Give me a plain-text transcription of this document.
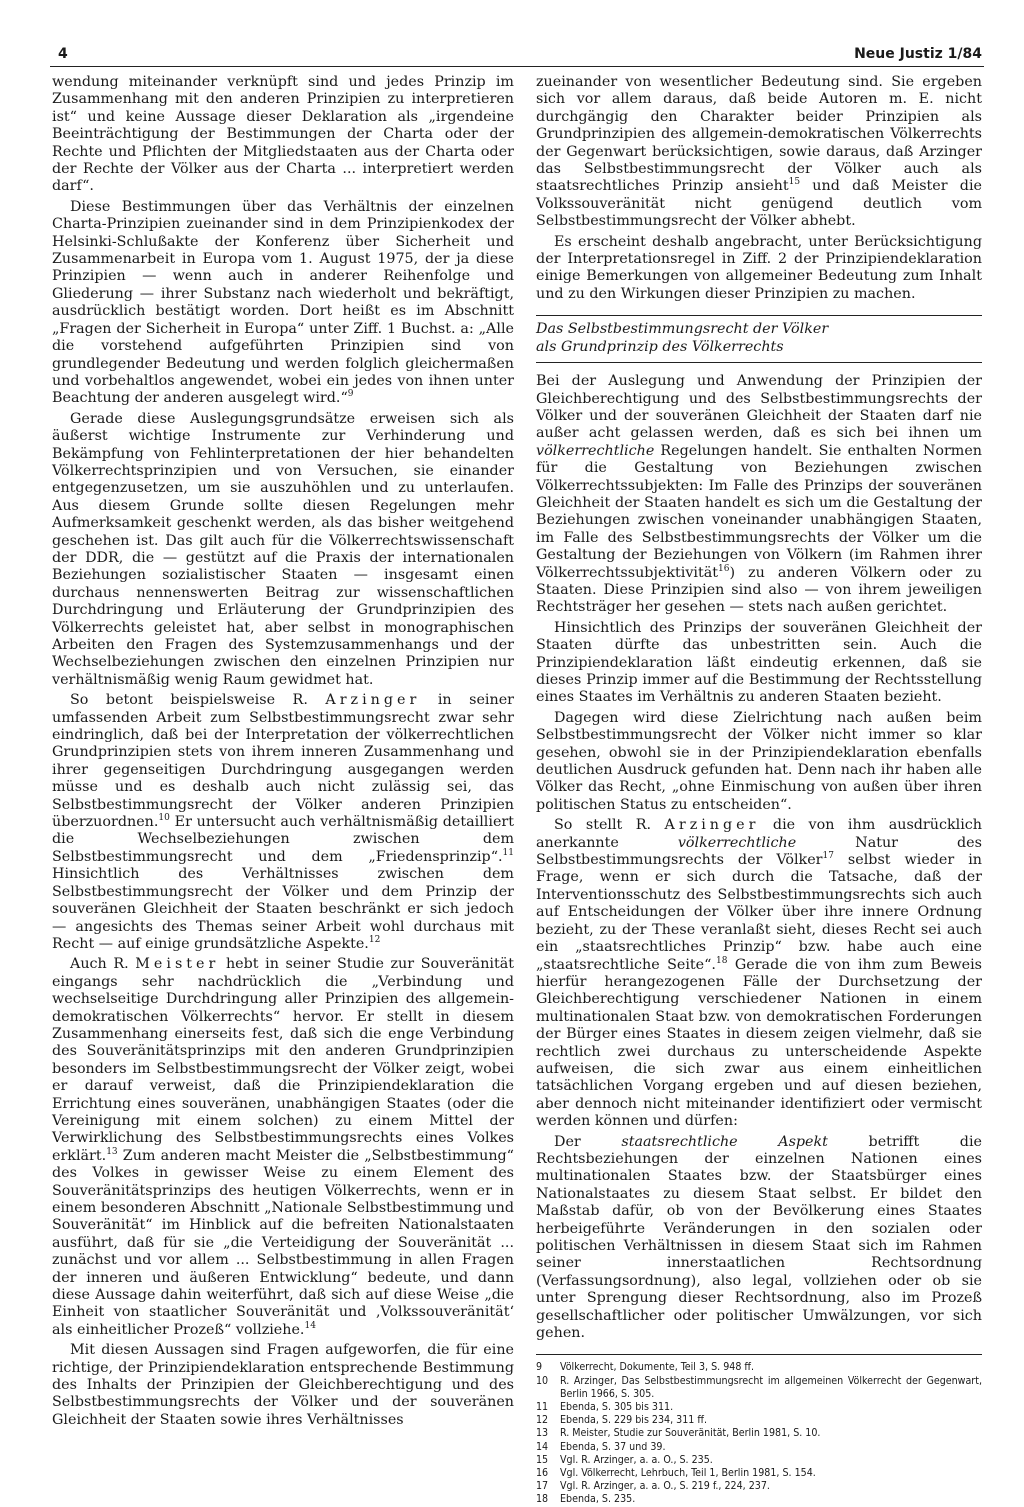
4	Neue Justiz 1/84

wendung miteinander verknüpft sind und jedes Prinzip im Zusammenhang mit den anderen Prinzipien zu interpretieren ist“ und keine Aussage dieser Deklaration als „irgendeine Beeinträchtigung der Bestimmungen der Charta oder der Rechte und Pflichten der Mitgliedstaaten aus der Charta oder der Rechte der Völker aus der Charta ... interpretiert werden darf“.

Diese Bestimmungen über das Verhältnis der einzelnen Charta-Prinzipien zueinander sind in dem Prinzipienkodex der Helsinki-Schlußakte der Konferenz über Sicherheit und Zusammenarbeit in Europa vom 1. August 1975, der ja diese Prinzipien — wenn auch in anderer Reihenfolge und Gliederung — ihrer Substanz nach wiederholt und bekräftigt, ausdrücklich bestätigt worden. Dort heißt es im Abschnitt „Fragen der Sicherheit in Europa“ unter Ziff. 1 Buchst. a: „Alle die vorstehend aufgeführten Prinzipien sind von grundlegender Bedeutung und werden folglich gleichermaßen und vorbehaltlos angewendet, wobei ein jedes von ihnen unter Beachtung der anderen ausgelegt wird.“$^9$

Gerade diese Auslegungsgrundsätze erweisen sich als äußerst wichtige Instrumente zur Verhinderung und Bekämpfung von Fehlinterpretationen der hier behandelten Völkerrechtsprinzipien und von Versuchen, sie einander entgegenzusetzen, um sie auszuhöhlen und zu unterlaufen. Aus diesem Grunde sollte diesen Regelungen mehr Aufmerksamkeit geschenkt werden, als das bisher weitgehend geschehen ist. Das gilt auch für die Völkerrechtswissenschaft der DDR, die — gestützt auf die Praxis der internationalen Beziehungen sozialistischer Staaten — insgesamt einen durchaus nennenswerten Beitrag zur wissenschaftlichen Durchdringung und Erläuterung der Grundprinzipien des Völkerrechts geleistet hat, aber selbst in monographischen Arbeiten den Fragen des Systemzusammenhangs und der Wechselbeziehungen zwischen den einzelnen Prinzipien nur verhältnismäßig wenig Raum gewidmet hat.

So betont beispielsweise R. Arzinger in seiner umfassenden Arbeit zum Selbstbestimmungsrecht zwar sehr eindringlich, daß bei der Interpretation der völkerrechtlichen Grundprinzipien stets von ihrem inneren Zusammenhang und ihrer gegenseitigen Durchdringung ausgegangen werden müsse und es deshalb auch nicht zulässig sei, das Selbstbestimmungsrecht der Völker anderen Prinzipien überzuordnen.$^{10}$ Er untersucht auch verhältnismäßig detailliert die Wechselbeziehungen zwischen dem Selbstbestimmungsrecht und dem „Friedensprinzip“.$^{11}$ Hinsichtlich des Verhältnisses zwischen dem Selbstbestimmungsrecht der Völker und dem Prinzip der souveränen Gleichheit der Staaten beschränkt er sich jedoch — angesichts des Themas seiner Arbeit wohl durchaus mit Recht — auf einige grundsätzliche Aspekte.$^{12}$

Auch R. Meister hebt in seiner Studie zur Souveränität eingangs sehr nachdrücklich die „Verbindung und wechselseitige Durchdringung aller Prinzipien des allgemein-demokratischen Völkerrechts“ hervor. Er stellt in diesem Zusammenhang einerseits fest, daß sich die enge Verbindung des Souveränitätsprinzips mit den anderen Grundprinzipien besonders im Selbstbestimmungsrecht der Völker zeigt, wobei er darauf verweist, daß die Prinzipiendeklaration die Errichtung eines souveränen, unabhängigen Staates (oder die Vereinigung mit einem solchen) zu einem Mittel der Verwirklichung des Selbstbestimmungsrechts eines Volkes erklärt.$^{13}$ Zum anderen macht Meister die „Selbstbestimmung“ des Volkes in gewisser Weise zu einem Element des Souveränitätsprinzips des heutigen Völkerrechts, wenn er in einem besonderen Abschnitt „Nationale Selbstbestimmung und Souveränität“ im Hinblick auf die befreiten Nationalstaaten ausführt, daß für sie „die Verteidigung der Souveränität ... zunächst und vor allem ... Selbstbestimmung in allen Fragen der inneren und äußeren Entwicklung“ bedeute, und dann diese Aussage dahin weiterführt, daß sich auf diese Weise „die Einheit von staatlicher Souveränität und ‚Volkssouveränität‘ als einheitlicher Prozeß“ vollziehe.$^{14}$

Mit diesen Aussagen sind Fragen aufgeworfen, die für eine richtige, der Prinzipiendeklaration entsprechende Bestimmung des Inhalts der Prinzipien der Gleichberechtigung und des Selbstbestimmungsrechts der Völker und der souveränen Gleichheit der Staaten sowie ihres Verhältnisses

zueinander von wesentlicher Bedeutung sind. Sie ergeben sich vor allem daraus, daß beide Autoren m. E. nicht durchgängig den Charakter beider Prinzipien als Grundprinzipien des allgemein-demokratischen Völkerrechts der Gegenwart berücksichtigen, sowie daraus, daß Arzinger das Selbstbestimmungsrecht der Völker auch als staatsrechtliches Prinzip ansieht$^{15}$ und daß Meister die Volkssouveränität nicht genügend deutlich vom Selbstbestimmungsrecht der Völker abhebt.

Es erscheint deshalb angebracht, unter Berücksichtigung der Interpretationsregel in Ziff. 2 der Prinzipiendeklaration einige Bemerkungen von allgemeiner Bedeutung zum Inhalt und zu den Wirkungen dieser Prinzipien zu machen.

Das Selbstbestimmungsrecht der Völker
als Grundprinzip des Völkerrechts

Bei der Auslegung und Anwendung der Prinzipien der Gleichberechtigung und des Selbstbestimmungsrechts der Völker und der souveränen Gleichheit der Staaten darf nie außer acht gelassen werden, daß es sich bei ihnen um völkerrechtliche Regelungen handelt. Sie enthalten Normen für die Gestaltung von Beziehungen zwischen Völkerrechtssubjekten: Im Falle des Prinzips der souveränen Gleichheit der Staaten handelt es sich um die Gestaltung der Beziehungen zwischen voneinander unabhängigen Staaten, im Falle des Selbstbestimmungsrechts der Völker um die Gestaltung der Beziehungen von Völkern (im Rahmen ihrer Völkerrechtssubjektivität$^{16}$) zu anderen Völkern oder zu Staaten. Diese Prinzipien sind also — von ihrem jeweiligen Rechtsträger her gesehen — stets nach außen gerichtet.

Hinsichtlich des Prinzips der souveränen Gleichheit der Staaten dürfte das unbestritten sein. Auch die Prinzipiendeklaration läßt eindeutig erkennen, daß sie dieses Prinzip immer auf die Bestimmung der Rechtsstellung eines Staates im Verhältnis zu anderen Staaten bezieht.

Dagegen wird diese Zielrichtung nach außen beim Selbstbestimmungsrecht der Völker nicht immer so klar gesehen, obwohl sie in der Prinzipiendeklaration ebenfalls deutlichen Ausdruck gefunden hat. Denn nach ihr haben alle Völker das Recht, „ohne Einmischung von außen über ihren politischen Status zu entscheiden“.

So stellt R. Arzinger die von ihm ausdrücklich anerkannte völkerrechtliche Natur des Selbstbestimmungsrechts der Völker$^{17}$ selbst wieder in Frage, wenn er sich durch die Tatsache, daß der Interventionsschutz des Selbstbestimmungsrechts sich auch auf Entscheidungen der Völker über ihre innere Ordnung bezieht, zu der These veranlaßt sieht, dieses Recht sei auch ein „staatsrechtliches Prinzip“ bzw. habe auch eine „staatsrechtliche Seite“.$^{18}$ Gerade die von ihm zum Beweis hierfür herangezogenen Fälle der Durchsetzung der Gleichberechtigung verschiedener Nationen in einem multinationalen Staat bzw. von demokratischen Forderungen der Bürger eines Staates in diesem zeigen vielmehr, daß sie rechtlich zwei durchaus zu unterscheidende Aspekte aufweisen, die sich zwar aus einem einheitlichen tatsächlichen Vorgang ergeben und auf diesen beziehen, aber dennoch nicht miteinander identifiziert oder vermischt werden können und dürfen:

Der staatsrechtliche Aspekt betrifft die Rechtsbeziehungen der einzelnen Nationen eines multinationalen Staates bzw. der Staatsbürger eines Nationalstaates zu diesem Staat selbst. Er bildet den Maßstab dafür, ob von der Bevölkerung eines Staates herbeigeführte Veränderungen in den sozialen oder politischen Verhältnissen in diesem Staat sich im Rahmen seiner innerstaatlichen Rechtsordnung (Verfassungsordnung), also legal, vollziehen oder ob sie unter Sprengung dieser Rechtsordnung, also im Prozeß gesellschaftlicher oder politischer Umwälzungen, vor sich gehen.

9	Völkerrecht, Dokumente, Teil 3, S. 948 ff.
10	R. Arzinger, Das Selbstbestimmungsrecht im allgemeinen Völkerrecht der Gegenwart, Berlin 1966, S. 305.
11	Ebenda, S. 305 bis 311.
12	Ebenda, S. 229 bis 234, 311 ff.
13	R. Meister, Studie zur Souveränität, Berlin 1981, S. 10.
14	Ebenda, S. 37 und 39.
15	Vgl. R. Arzinger, a. a. O., S. 235.
16	Vgl. Völkerrecht, Lehrbuch, Teil 1, Berlin 1981, S. 154.
17	Vgl. R. Arzinger, a. a. O., S. 219 f., 224, 237.
18	Ebenda, S. 235.
